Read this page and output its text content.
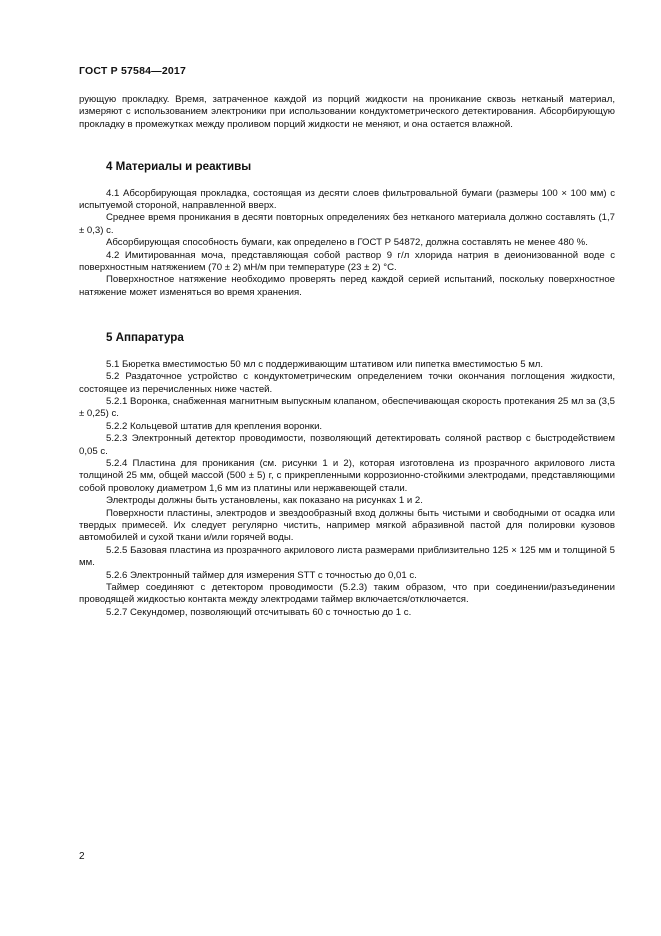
ГОСТ Р 57584—2017

рующую прокладку. Время, затраченное каждой из порций жидкости на проникание сквозь нетканый материал, измеряют с использованием электроники при использовании кондуктометрического детектирования. Абсорбирующую прокладку в промежутках между проливом порций жидкости не меняют, и она остается влажной.

4 Материалы и реактивы

4.1 Абсорбирующая прокладка, состоящая из десяти слоев фильтровальной бумаги (размеры 100 × 100 мм) с испытуемой стороной, направленной вверх.

Среднее время проникания в десяти повторных определениях без нетканого материала должно составлять (1,7 ± 0,3) с.

Абсорбирующая способность бумаги, как определено в ГОСТ Р 54872, должна составлять не менее 480 %.

4.2 Имитированная моча, представляющая собой раствор 9 г/л хлорида натрия в деионизованной воде с поверхностным натяжением (70 ± 2) мН/м при температуре (23 ± 2) °С.

Поверхностное натяжение необходимо проверять перед каждой серией испытаний, поскольку поверхностное натяжение может изменяться во время хранения.

5 Аппаратура

5.1 Бюретка вместимостью 50 мл с поддерживающим штативом или пипетка вместимостью 5 мл.

5.2 Раздаточное устройство с кондуктометрическим определением точки окончания поглощения жидкости, состоящее из перечисленных ниже частей.

5.2.1 Воронка, снабженная магнитным выпускным клапаном, обеспечивающая скорость протекания 25 мл за (3,5 ± 0,25) с.

5.2.2 Кольцевой штатив для крепления воронки.

5.2.3 Электронный детектор проводимости, позволяющий детектировать соляной раствор с быстродействием 0,05 с.

5.2.4 Пластина для проникания (см. рисунки 1 и 2), которая изготовлена из прозрачного акрилового листа толщиной 25 мм, общей массой (500 ± 5) г, с прикрепленными коррозионно-стойкими электродами, представляющими собой проволоку диаметром 1,6 мм из платины или нержавеющей стали.

Электроды должны быть установлены, как показано на рисунках 1 и 2.

Поверхности пластины, электродов и звездообразный вход должны быть чистыми и свободными от осадка или твердых примесей. Их следует регулярно чистить, например мягкой абразивной пастой для полировки кузовов автомобилей и сухой ткани и/или горячей воды.

5.2.5 Базовая пластина из прозрачного акрилового листа размерами приблизительно 125 × 125 мм и толщиной 5 мм.

5.2.6 Электронный таймер для измерения STT с точностью до 0,01 с.

Таймер соединяют с детектором проводимости (5.2.3) таким образом, что при соединении/разъединении проводящей жидкостью контакта между электродами таймер включается/отключается.

5.2.7 Секундомер, позволяющий отсчитывать 60 с точностью до 1 с.

2
